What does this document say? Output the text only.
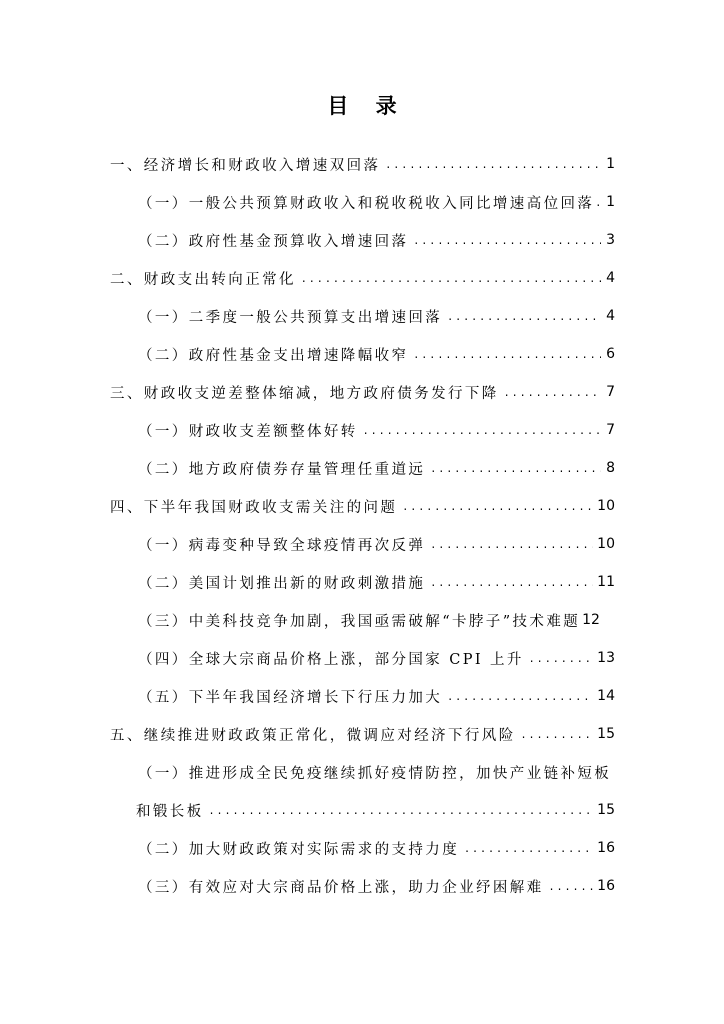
目 录
一、经济增长和财政收入增速双回落 .....	1
（一）一般公共预算财政收入和税收税收入同比增速高位回落 ..... 1
（二）政府性基金预算收入增速回落 .....	3
二、财政支出转向正常化 .....	4
（一）二季度一般公共预算支出增速回落 .....	4
（二）政府性基金支出增速降幅收窄 .....	6
三、财政收支逆差整体缩减，地方政府债务发行下降 .....	7
（一）财政收支差额整体好转 .....	7
（二）地方政府债券存量管理任重道远 .....	8
四、下半年我国财政收支需关注的问题 .....	10
（一）病毒变种导致全球疫情再次反弹 .....	10
（二）美国计划推出新的财政刺激措施 .....	11
（三）中美科技竞争加剧，我国亟需破解“卡脖子”技术难题 12
（四）全球大宗商品价格上涨，部分国家 CPI 上升 .....	13
（五）下半年我国经济增长下行压力加大 .....	14
五、继续推进财政政策正常化，微调应对经济下行风险 .....	15
（一）推进形成全民免疫继续抓好疫情防控，加快产业链补短板
和锻长板 .....	15
（二）加大财政政策对实际需求的支持力度 .....	16
（三）有效应对大宗商品价格上涨，助力企业纾困解难 .....	16
